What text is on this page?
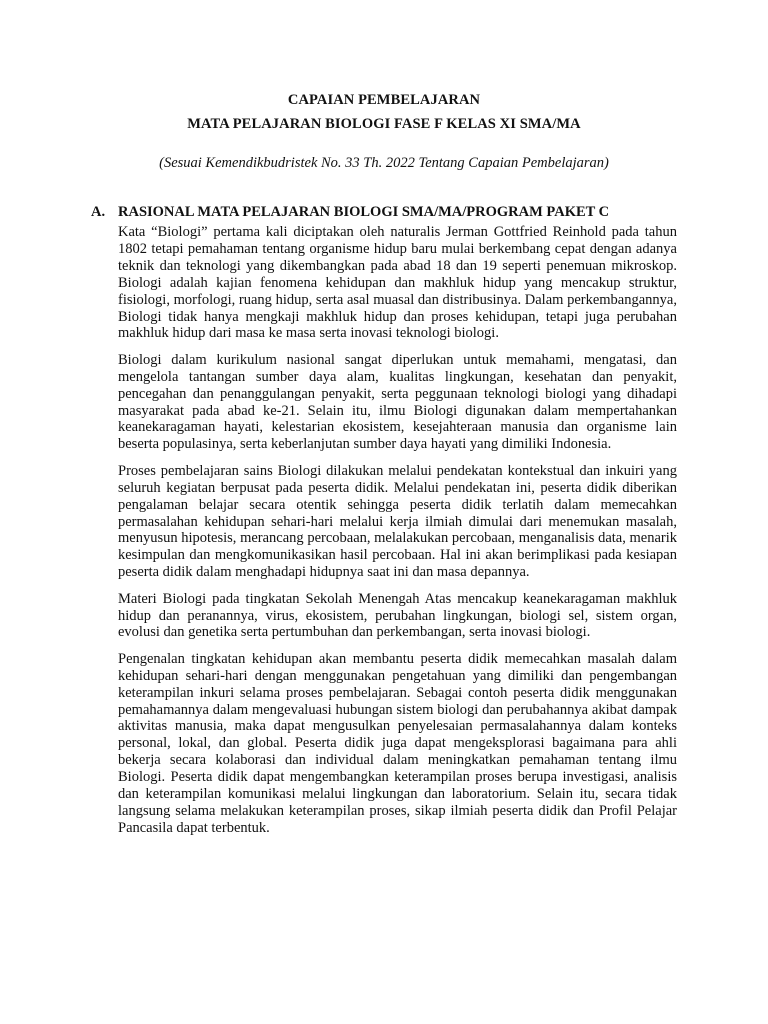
CAPAIAN PEMBELAJARAN
MATA PELAJARAN BIOLOGI FASE F KELAS XI SMA/MA
(Sesuai Kemendikbudristek No. 33 Th. 2022 Tentang Capaian Pembelajaran)
A. RASIONAL MATA PELAJARAN BIOLOGI SMA/MA/PROGRAM PAKET C

Kata “Biologi” pertama kali diciptakan oleh naturalis Jerman Gottfried Reinhold pada tahun 1802 tetapi pemahaman tentang organisme hidup baru mulai berkembang cepat dengan adanya teknik dan teknologi yang dikembangkan pada abad 18 dan 19 seperti penemuan mikroskop. Biologi adalah kajian fenomena kehidupan dan makhluk hidup yang mencakup struktur, fisiologi, morfologi, ruang hidup, serta asal muasal dan distribusinya. Dalam perkembangannya, Biologi tidak hanya mengkaji makhluk hidup dan proses kehidupan, tetapi juga perubahan makhluk hidup dari masa ke masa serta inovasi teknologi biologi.

Biologi dalam kurikulum nasional sangat diperlukan untuk memahami, mengatasi, dan mengelola tantangan sumber daya alam, kualitas lingkungan, kesehatan dan penyakit, pencegahan dan penanggulangan penyakit, serta peggunaan teknologi biologi yang dihadapi masyarakat pada abad ke-21. Selain itu, ilmu Biologi digunakan dalam mempertahankan keanekaragaman hayati, kelestarian ekosistem, kesejahteraan manusia dan organisme lain beserta populasinya, serta keberlanjutan sumber daya hayati yang dimiliki Indonesia.

Proses pembelajaran sains Biologi dilakukan melalui pendekatan kontekstual dan inkuiri yang seluruh kegiatan berpusat pada peserta didik. Melalui pendekatan ini, peserta didik diberikan pengalaman belajar secara otentik sehingga peserta didik terlatih dalam memecahkan permasalahan kehidupan sehari-hari melalui kerja ilmiah dimulai dari menemukan masalah, menyusun hipotesis, merancang percobaan, melalakukan percobaan, menganalisis data, menarik kesimpulan dan mengkomunikasikan hasil percobaan. Hal ini akan berimplikasi pada kesiapan peserta didik dalam menghadapi hidupnya saat ini dan masa depannya.

Materi Biologi pada tingkatan Sekolah Menengah Atas mencakup keanekaragaman makhluk hidup dan peranannya, virus, ekosistem, perubahan lingkungan, biologi sel, sistem organ, evolusi dan genetika serta pertumbuhan dan perkembangan, serta inovasi biologi.

Pengenalan tingkatan kehidupan akan membantu peserta didik memecahkan masalah dalam kehidupan sehari-hari dengan menggunakan pengetahuan yang dimiliki dan pengembangan keterampilan inkuri selama proses pembelajaran. Sebagai contoh peserta didik menggunakan pemahamannya dalam mengevaluasi hubungan sistem biologi dan perubahannya akibat dampak aktivitas manusia, maka dapat mengusulkan penyelesaian permasalahannya dalam konteks personal, lokal, dan global. Peserta didik juga dapat mengeksplorasi bagaimana para ahli bekerja secara kolaborasi dan individual dalam meningkatkan pemahaman tentang ilmu Biologi. Peserta didik dapat mengembangkan keterampilan proses berupa investigasi, analisis dan keterampilan komunikasi melalui lingkungan dan laboratorium. Selain itu, secara tidak langsung selama melakukan keterampilan proses, sikap ilmiah peserta didik dan Profil Pelajar Pancasila dapat terbentuk.
